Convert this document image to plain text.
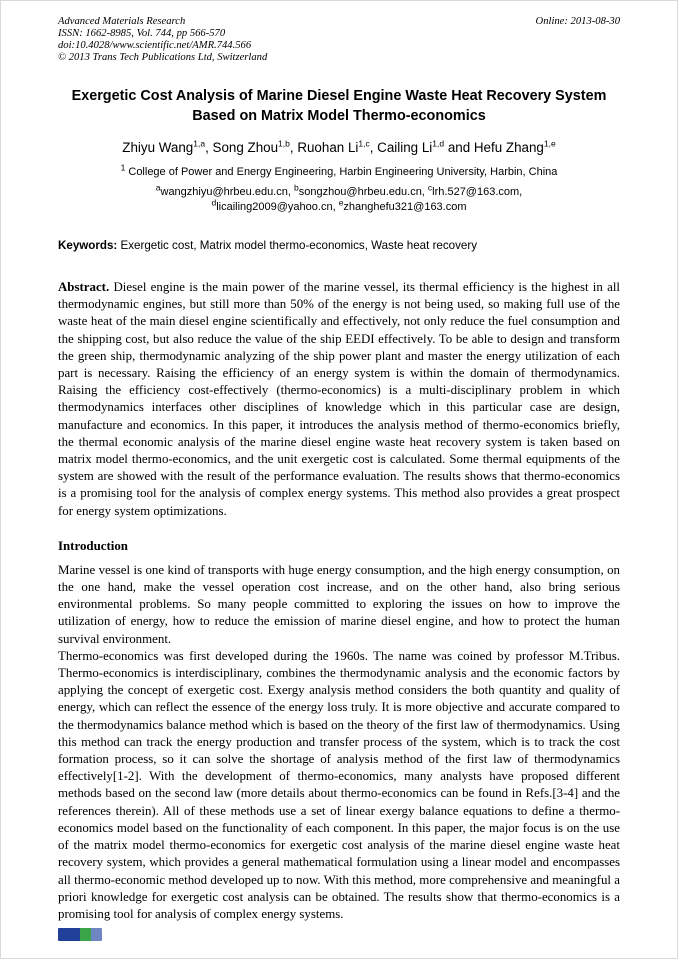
Advanced Materials Research
ISSN: 1662-8985, Vol. 744, pp 566-570
doi:10.4028/www.scientific.net/AMR.744.566
© 2013 Trans Tech Publications Ltd, Switzerland
Online: 2013-08-30
Exergetic Cost Analysis of Marine Diesel Engine Waste Heat Recovery System Based on Matrix Model Thermo-economics
Zhiyu Wang$^{1,a}$, Song Zhou$^{1,b}$, Ruohan Li$^{1,c}$, Cailing Li$^{1,d}$ and Hefu Zhang$^{1,e}$
$^1$ College of Power and Energy Engineering, Harbin Engineering University, Harbin, China
$^a$wangzhiyu@hrbeu.edu.cn, $^b$songzhou@hrbeu.edu.cn, $^c$lrh.527@163.com,
$^d$licailing2009@yahoo.cn, $^e$zhanghefu321@163.com
Keywords: Exergetic cost, Matrix model thermo-economics, Waste heat recovery

Abstract. Diesel engine is the main power of the marine vessel, its thermal efficiency is the highest in all thermodynamic engines, but still more than 50% of the energy is not being used, so making full use of the waste heat of the main diesel engine scientifically and effectively, not only reduce the fuel consumption and the shipping cost, but also reduce the value of the ship EEDI effectively. To be able to design and transform the green ship, thermodynamic analyzing of the ship power plant and master the energy utilization of each part is necessary. Raising the efficiency of an energy system is within the domain of thermodynamics. Raising the efficiency cost-effectively (thermo-economics) is a multi-disciplinary problem in which thermodynamics interfaces other disciplines of knowledge which in this particular case are design, manufacture and economics. In this paper, it introduces the analysis method of thermo-economics briefly, the thermal economic analysis of the marine diesel engine waste heat recovery system is taken based on matrix model thermo-economics, and the unit exergetic cost is calculated. Some thermal equipments of the system are showed with the result of the performance evaluation. The results shows that thermo-economics is a promising tool for the analysis of complex energy systems. This method also provides a great prospect for energy system optimizations.

Introduction

Marine vessel is one kind of transports with huge energy consumption, and the high energy consumption, on the one hand, make the vessel operation cost increase, and on the other hand, also bring serious environmental problems. So many people committed to exploring the issues on how to improve the utilization of energy, how to reduce the emission of marine diesel engine, and how to protect the human survival environment.

Thermo-economics was first developed during the 1960s. The name was coined by professor M.Tribus. Thermo-economics is interdisciplinary, combines the thermodynamic analysis and the economic factors by applying the concept of exergetic cost. Exergy analysis method considers the both quantity and quality of energy, which can reflect the essence of the energy loss truly. It is more objective and accurate compared to the thermodynamics balance method which is based on the theory of the first law of thermodynamics. Using this method can track the energy production and transfer process of the system, which is to track the cost formation process, so it can solve the shortage of analysis method of the first law of thermodynamics effectively[1-2]. With the development of thermo-economics, many analysts have proposed different methods based on the second law (more details about thermo-economics can be found in Refs.[3-4] and the references therein). All of these methods use a set of linear exergy balance equations to define a thermo-economics model based on the functionality of each component. In this paper, the major focus is on the use of the matrix model thermo-economics for exergetic cost analysis of the marine diesel engine waste heat recovery system, which provides a general mathematical formulation using a linear model and encompasses all thermo-economic method developed up to now. With this method, more comprehensive and meaningful a priori knowledge for exergetic cost analysis can be obtained. The results show that thermo-economics is a promising tool for analysis of complex energy systems.
